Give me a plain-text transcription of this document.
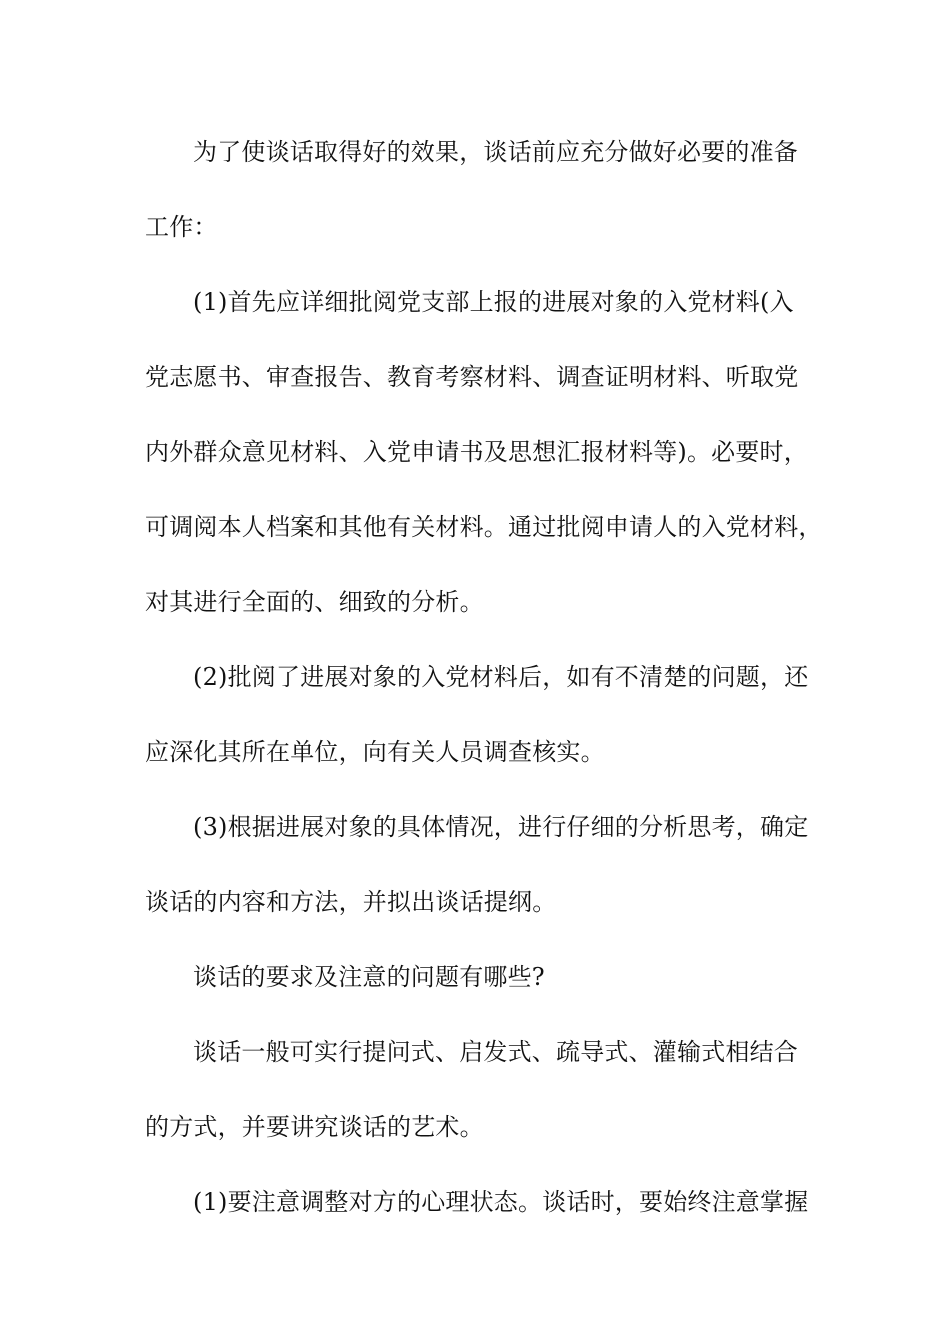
为了使谈话取得好的效果，谈话前应充分做好必要的准备
工作：
(1)首先应详细批阅党支部上报的进展对象的入党材料(入
党志愿书、审查报告、教育考察材料、调查证明材料、听取党
内外群众意见材料、入党申请书及思想汇报材料等)。必要时，
可调阅本人档案和其他有关材料。通过批阅申请人的入党材料，
对其进行全面的、细致的分析。
(2)批阅了进展对象的入党材料后，如有不清楚的问题，还
应深化其所在单位，向有关人员调查核实。
(3)根据进展对象的具体情况，进行仔细的分析思考，确定
谈话的内容和方法，并拟出谈话提纲。
谈话的要求及注意的问题有哪些?
谈话一般可实行提问式、启发式、疏导式、灌输式相结合
的方式，并要讲究谈话的艺术。
(1)要注意调整对方的心理状态。谈话时，要始终注意掌握
